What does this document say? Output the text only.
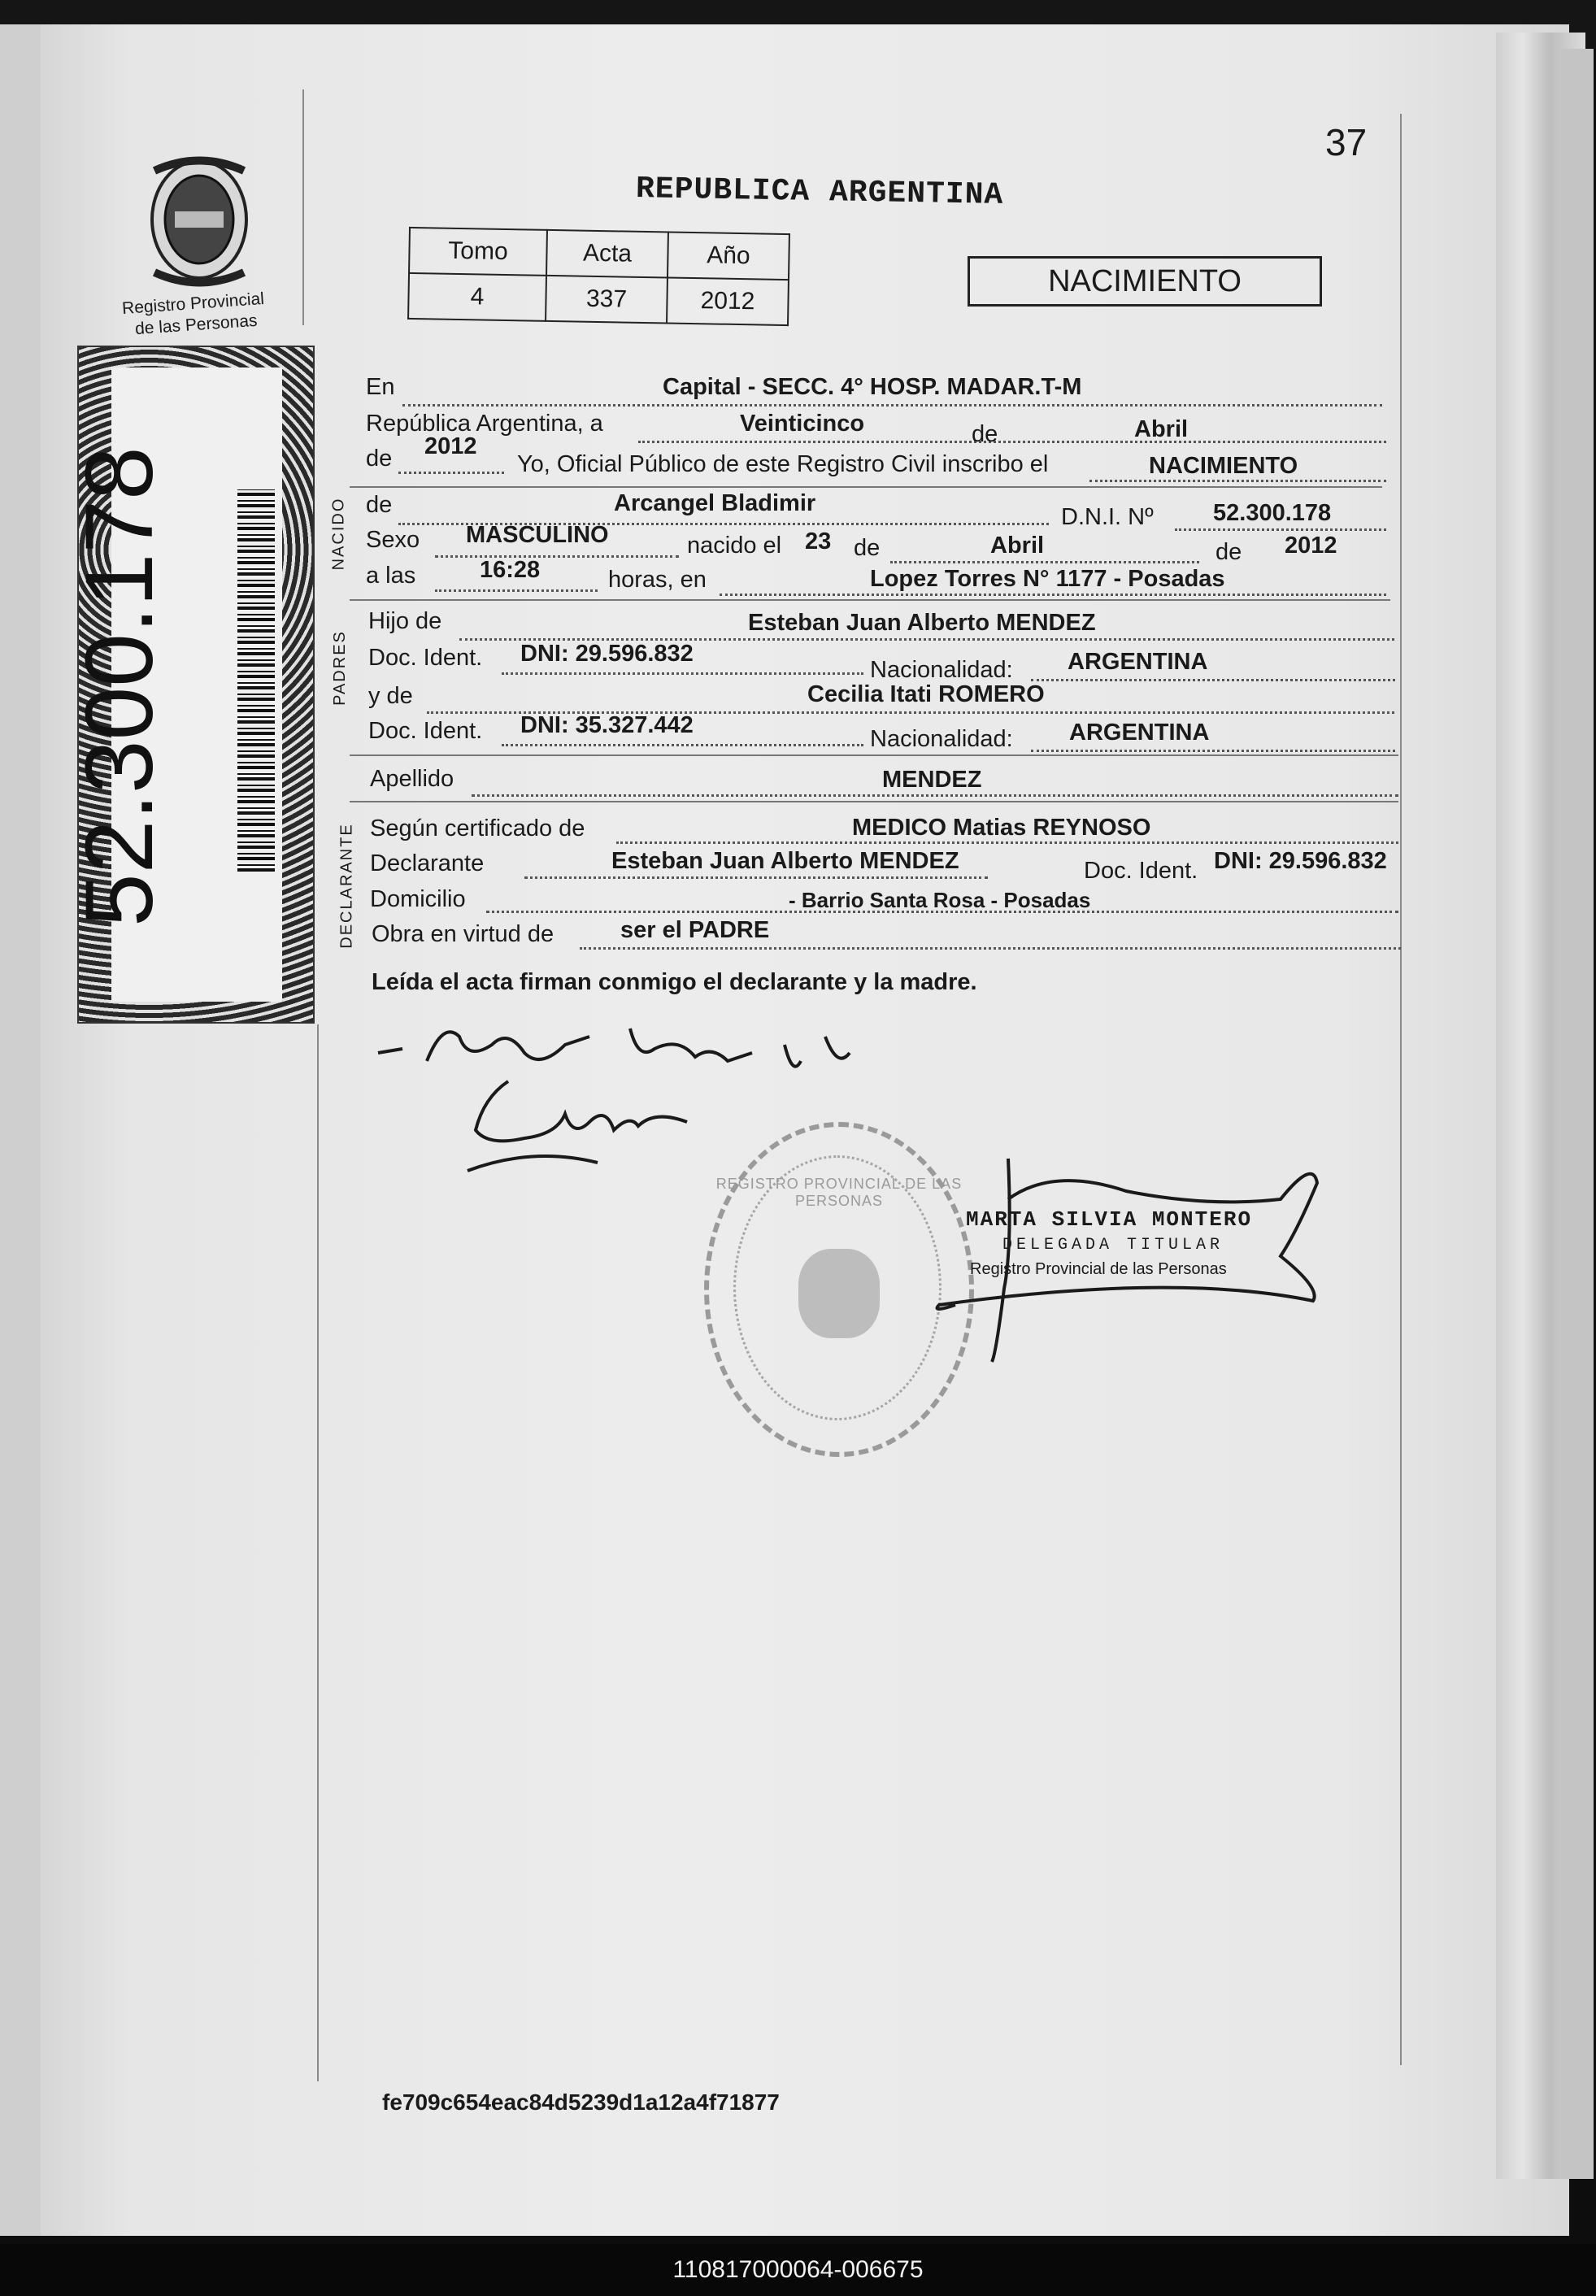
37
Registro Provincial
de las Personas
REPUBLICA ARGENTINA
Tomo	Acta	Año
4	337	2012
NACIMIENTO
52.300.178	NACIDO
PADRES
DECLARANTE
En	Capital - SECC. 4° HOSP. MADAR.T-M
República Argentina, a	Veinticinco	de	Abril
de 2012
Yo, Oficial Público de este Registro Civil inscribo el	NACIMIENTO
de	Arcangel Bladimir
D.N.I. Nº	52.300.178
Sexo MASCULINO	nacido el 23 de	Abril	de 2012
a las	16:28	horas, en	Lopez Torres N° 1177 - Posadas
Hijo de	Esteban Juan Alberto MENDEZ
Doc. Ident. DNI: 29.596.832
Nacionalidad: ARGENTINA
y de	Cecilia Itati ROMERO
Doc. Ident. DNI: 35.327.442
Nacionalidad: ARGENTINA
Apellido	MENDEZ
Según certificado de	MEDICO Matias REYNOSO
Declarante	Esteban Juan Alberto MENDEZ	Doc. Ident. DNI: 29.596.832
Domicilio	- Barrio Santa Rosa - Posadas
Obra en virtud de	ser el PADRE
Leída el acta firman conmigo el declarante y la madre.
REGISTRO PROVINCIAL DE LAS PERSONAS
MARTA SILVIA MONTERO
DELEGADA TITULAR
Registro Provincial de las Personas
fe709c654eac84d5239d1a12a4f71877
110817000064-006675
